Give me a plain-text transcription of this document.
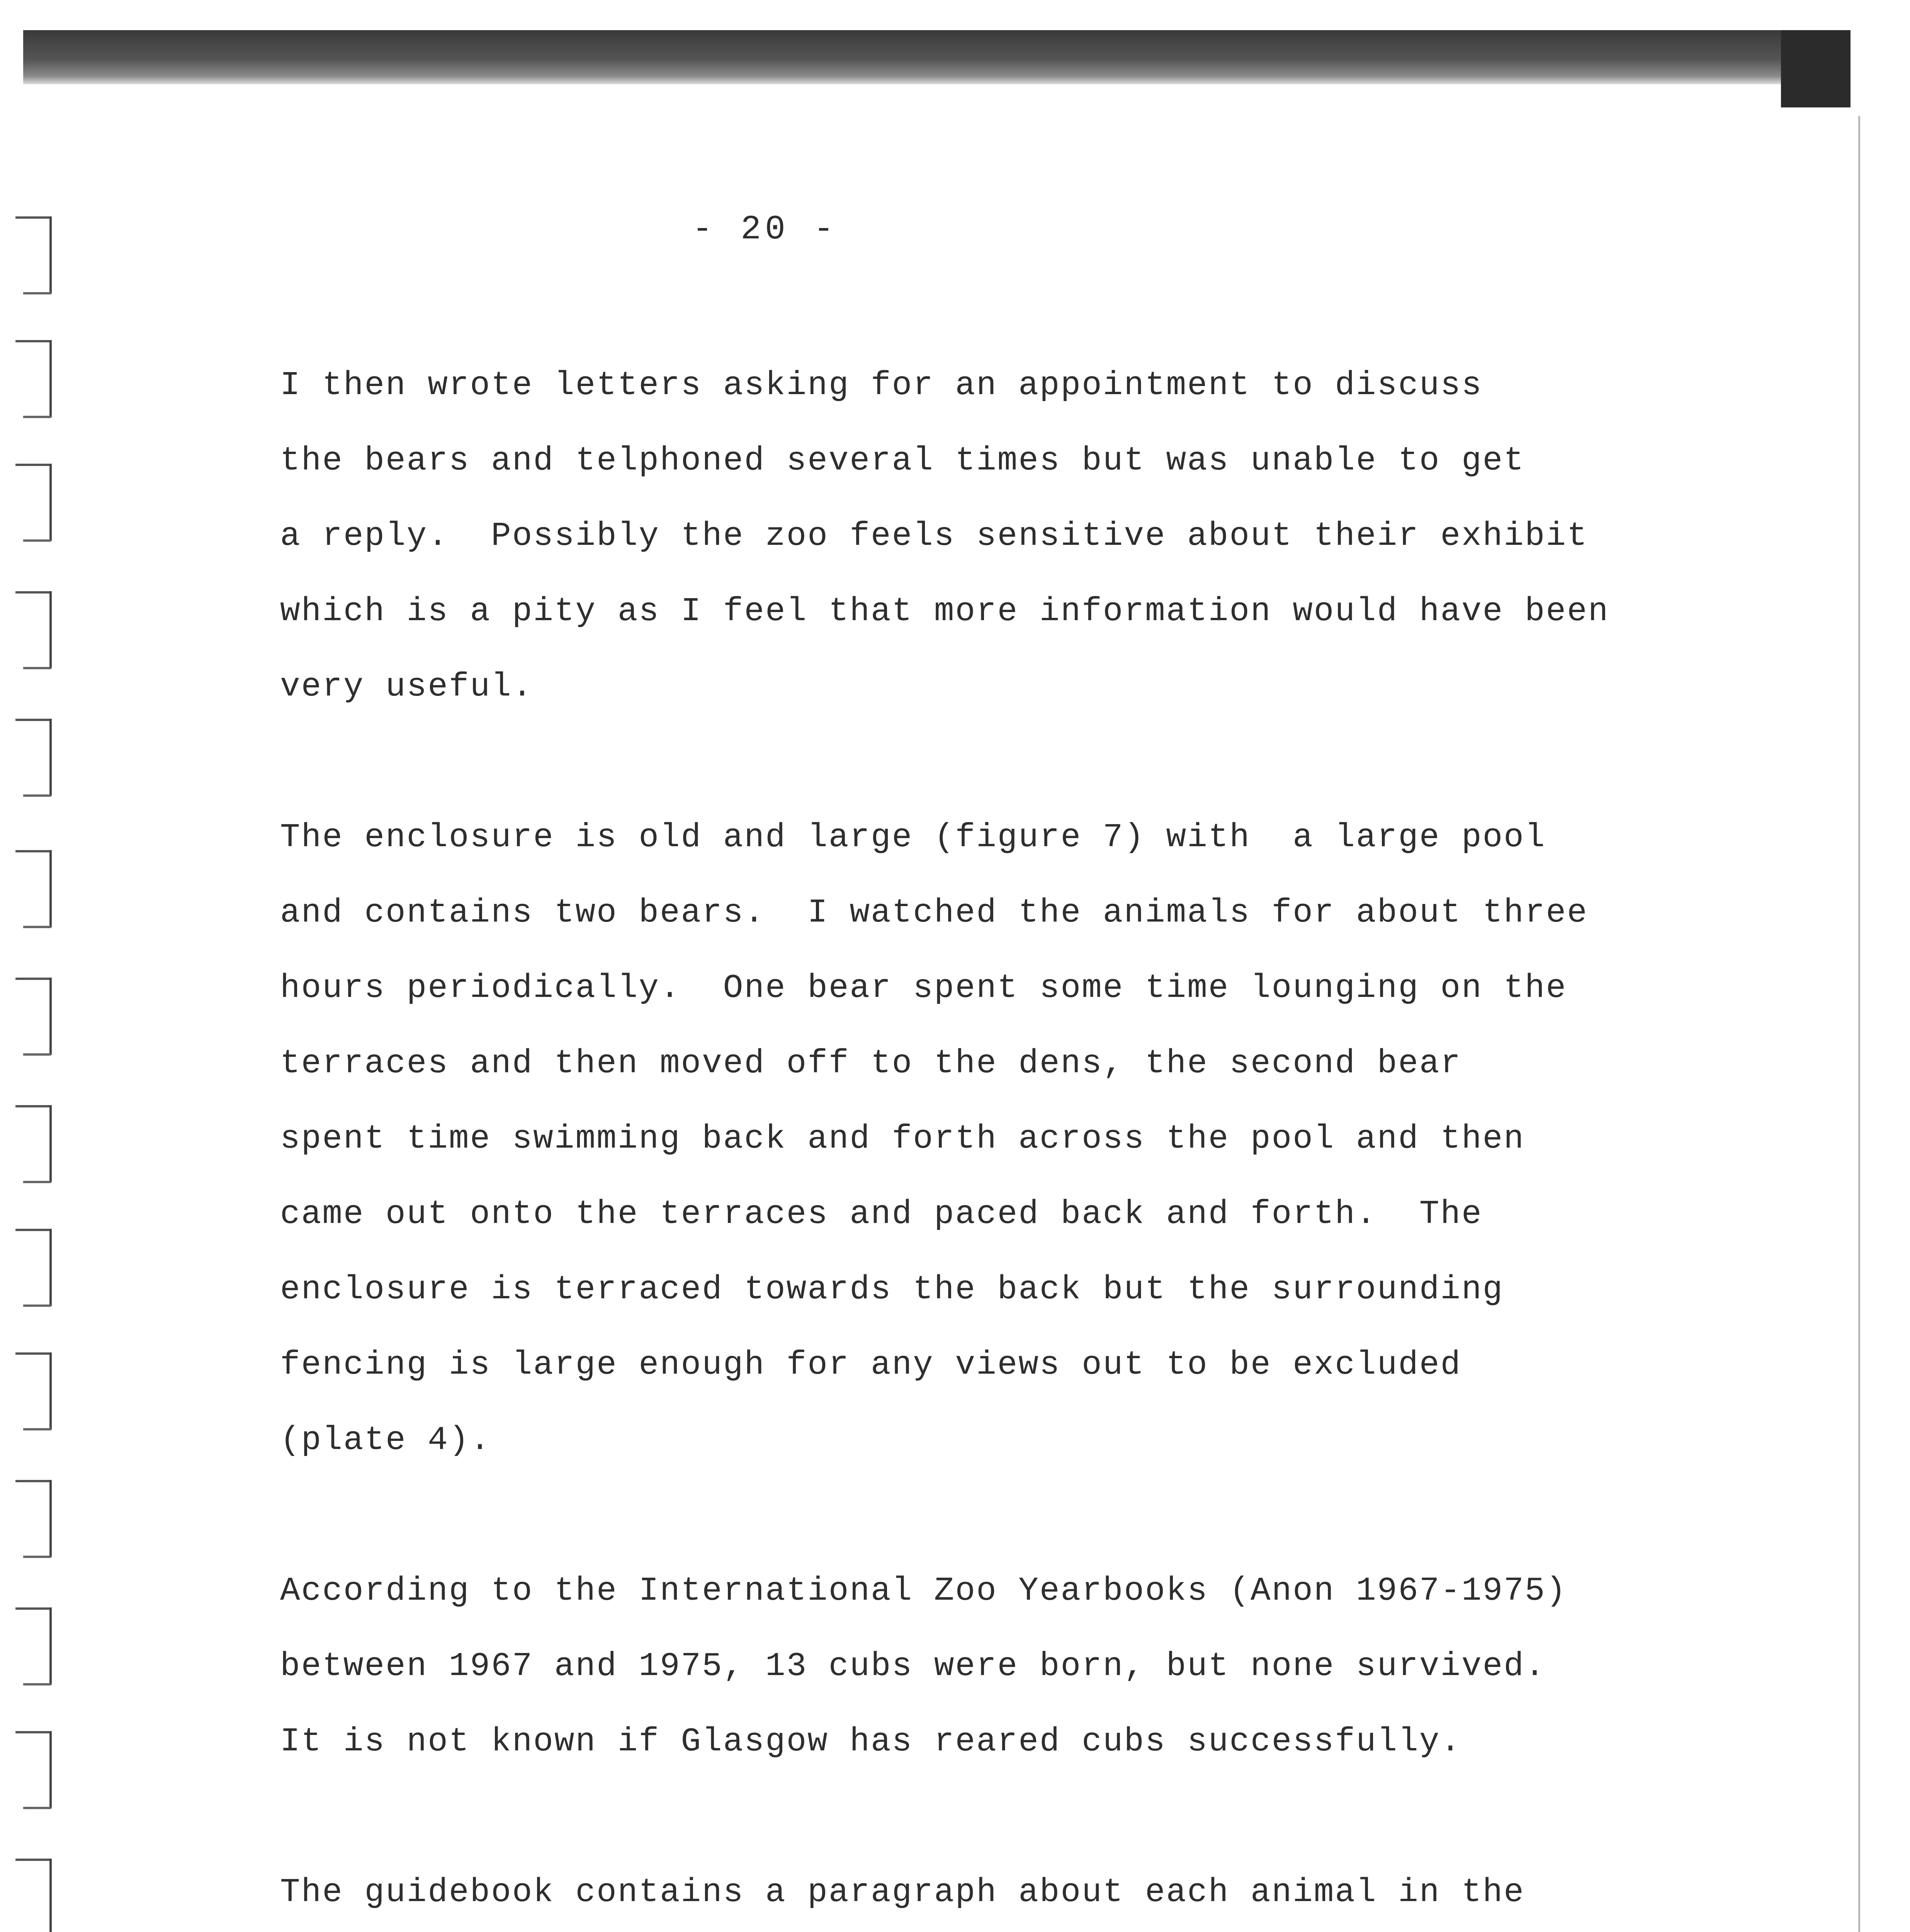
- 20 -
I then wrote letters asking for an appointment to discuss
the bears and telphoned several times but was unable to get
a reply.  Possibly the zoo feels sensitive about their exhibit
which is a pity as I feel that more information would have been
very useful.
The enclosure is old and large (figure 7) with  a large pool
and contains two bears.  I watched the animals for about three
hours periodically.  One bear spent some time lounging on the
terraces and then moved off to the dens, the second bear
spent time swimming back and forth across the pool and then
came out onto the terraces and paced back and forth.  The
enclosure is terraced towards the back but the surrounding
fencing is large enough for any views out to be excluded
(plate 4).
According to the International Zoo Yearbooks (Anon 1967-1975)
between 1967 and 1975, 13 cubs were born, but none survived.
It is not known if Glasgow has reared cubs successfully.
The guidebook contains a paragraph about each animal in the
